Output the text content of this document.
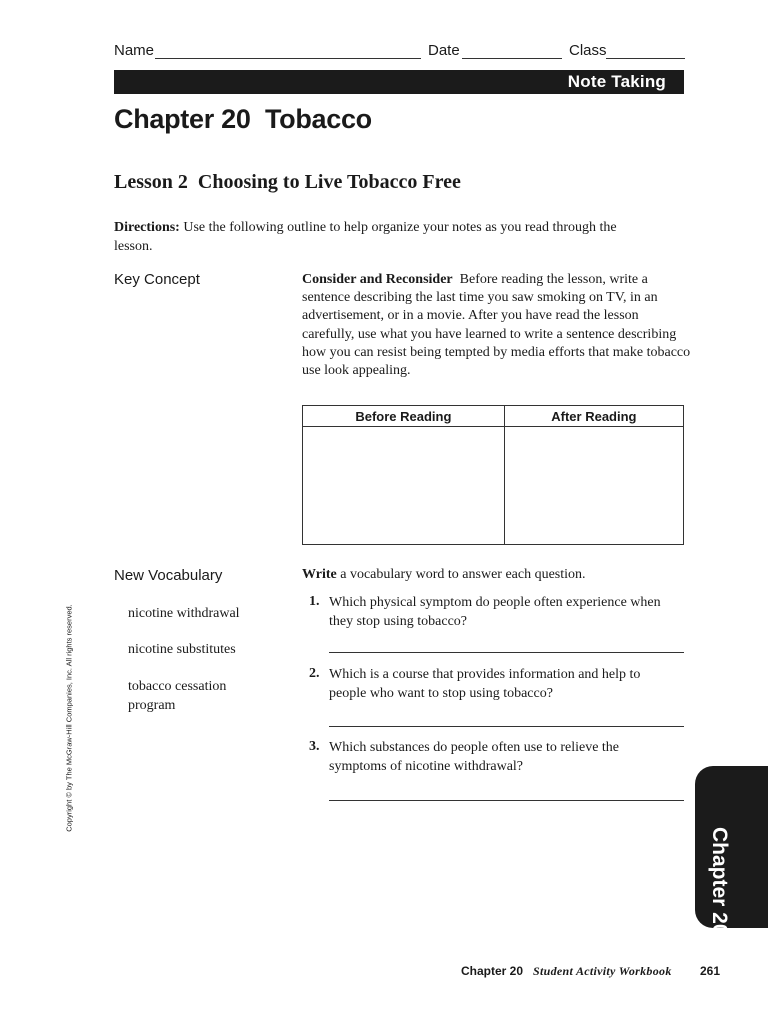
Name	Date	Class
Note Taking
Chapter 20  Tobacco
Lesson 2  Choosing to Live Tobacco Free
Directions: Use the following outline to help organize your notes as you read through the lesson.
Key Concept	Consider and Reconsider  Before reading the lesson, write a sentence describing the last time you saw smoking on TV, in an advertisement, or in a movie. After you have read the lesson carefully, use what you have learned to write a sentence describing how you can resist being tempted by media efforts that make tobacco use look appealing.
Before Reading	After Reading

New Vocabulary
nicotine withdrawal
nicotine substitutes
tobacco cessation program
Write a vocabulary word to answer each question.
1. Which physical symptom do people often experience when they stop using tobacco?
2. Which is a course that provides information and help to people who want to stop using tobacco?
3. Which substances do people often use to relieve the symptoms of nicotine withdrawal?
Copyright © by The McGraw-Hill Companies, Inc. All rights reserved.
Chapter 20
Chapter 20 Student Activity Workbook 261
